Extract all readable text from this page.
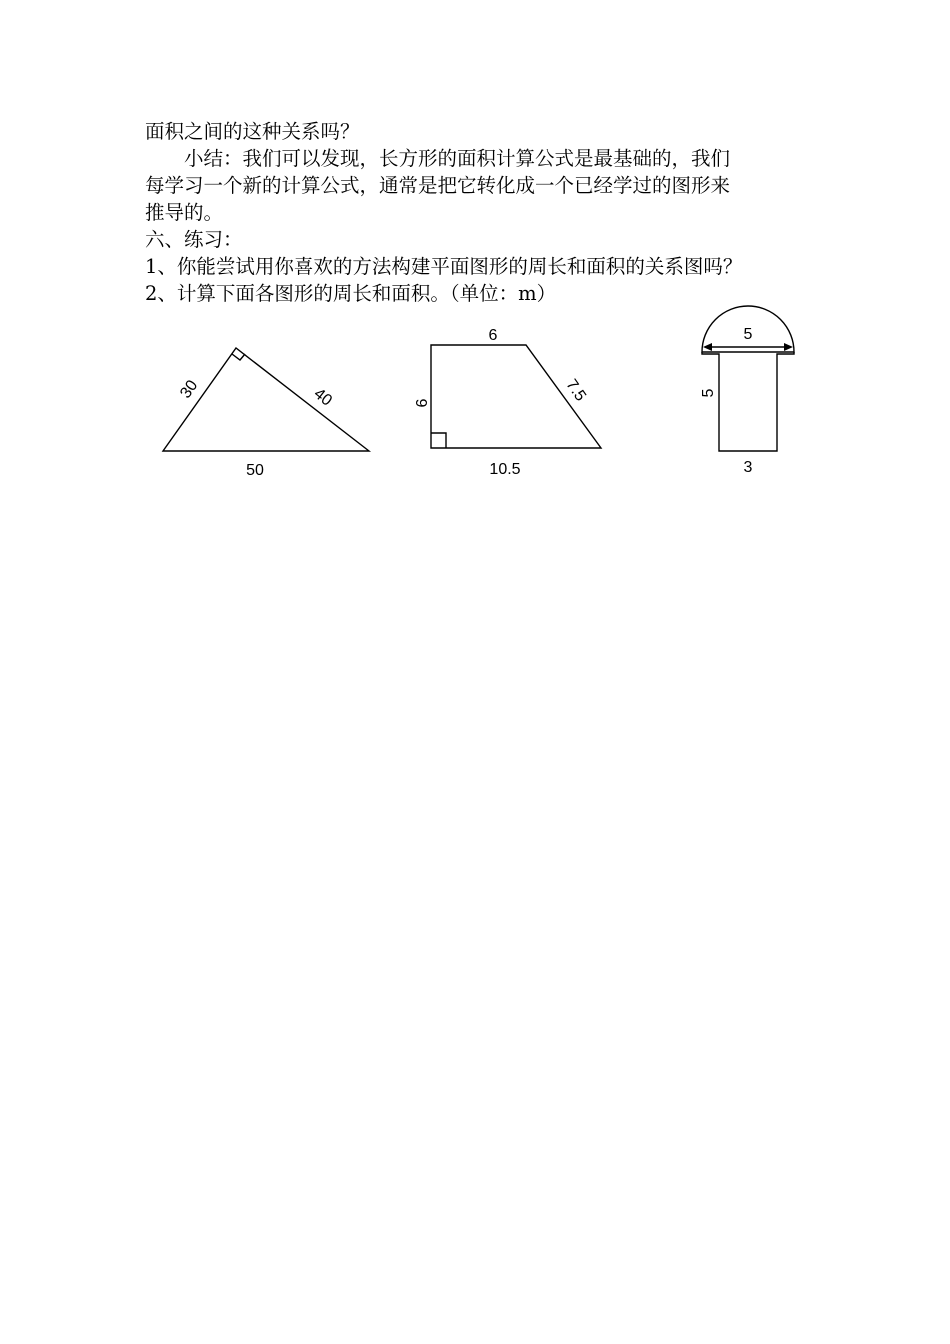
面积之间的这种关系吗？
小结：我们可以发现，长方形的面积计算公式是最基础的，我们
每学习一个新的计算公式，通常是把它转化成一个已经学过的图形来
推导的。
六、练习：
1、你能尝试用你喜欢的方法构建平面图形的周长和面积的关系图吗？
2、计算下面各图形的周长和面积。（单位：m）
30	40
50
6
6	7.5
10.5
5
5
3
